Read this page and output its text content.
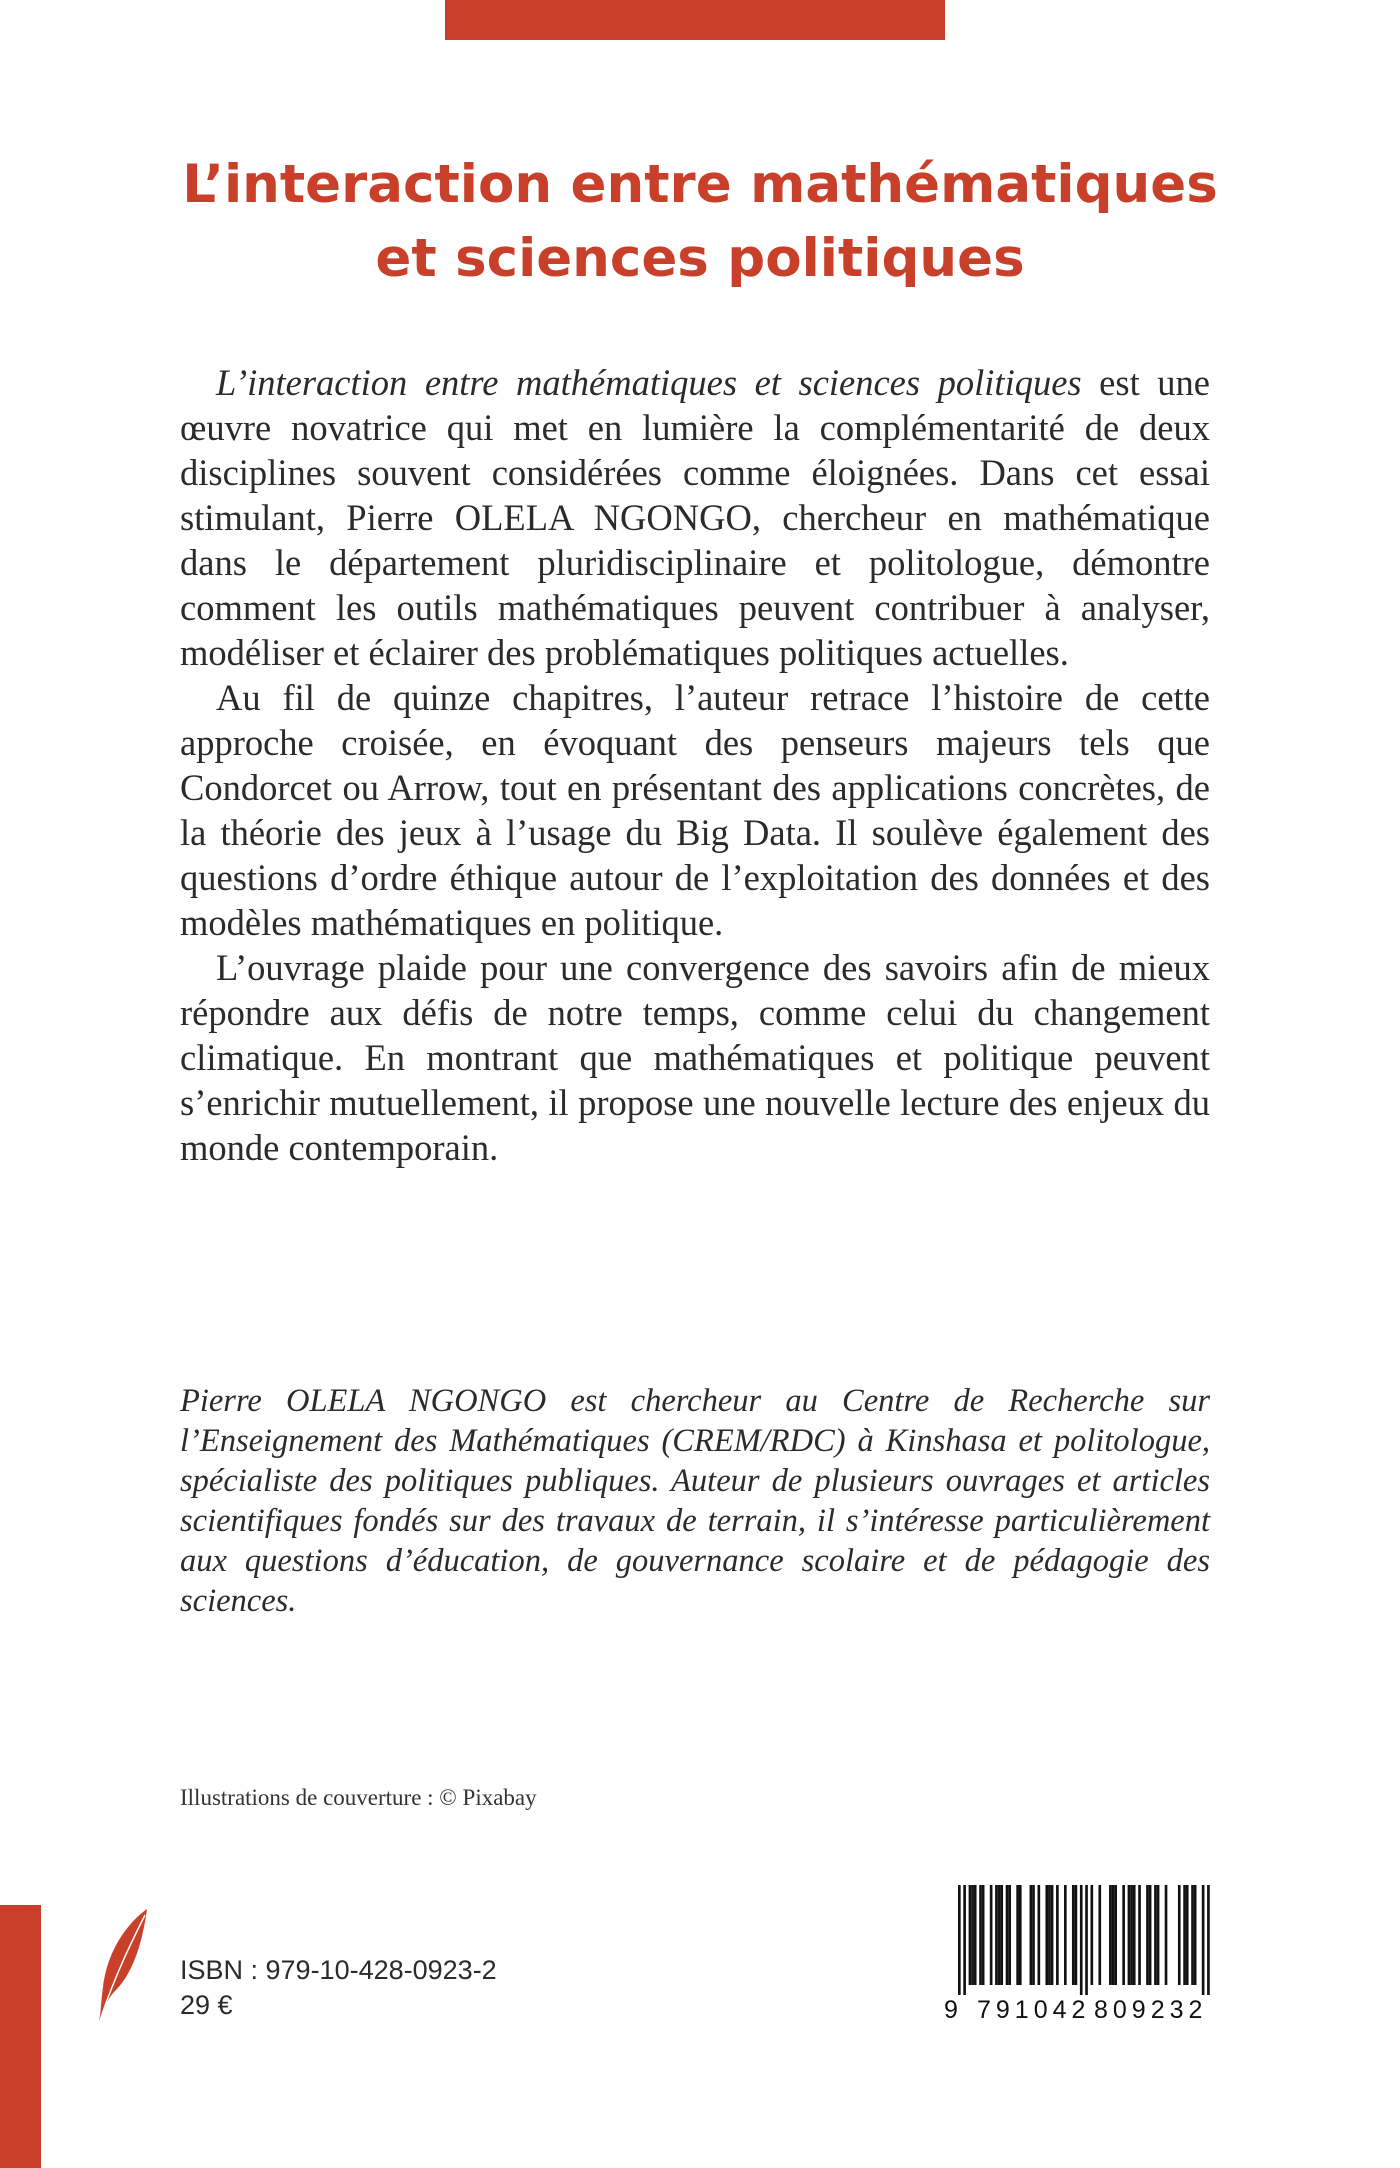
L’interaction entre mathématiques
et sciences politiques

L’interaction entre mathématiques et sciences politiques est une œuvre novatrice qui met en lumière la complémentarité de deux disciplines souvent considérées comme éloignées. Dans cet essai stimulant, Pierre OLELA NGONGO, chercheur en mathématique dans le département pluridisciplinaire et politologue, démontre comment les outils mathématiques peuvent contribuer à analyser, modéliser et éclairer des problématiques politiques actuelles.

Au fil de quinze chapitres, l’auteur retrace l’histoire de cette approche croisée, en évoquant des penseurs majeurs tels que Condorcet ou Arrow, tout en présentant des applications concrètes, de la théorie des jeux à l’usage du Big Data. Il soulève également des questions d’ordre éthique autour de l’exploitation des données et des modèles mathématiques en politique.

L’ouvrage plaide pour une convergence des savoirs afin de mieux répondre aux défis de notre temps, comme celui du changement climatique. En montrant que mathématiques et politique peuvent s’enrichir mutuellement, il propose une nouvelle lecture des enjeux du monde contemporain.

Pierre OLELA NGONGO est chercheur au Centre de Recherche sur l’Enseignement des Mathématiques (CREM/RDC) à Kinshasa et politologue, spécialiste des politiques publiques. Auteur de plusieurs ouvrages et articles scientifiques fondés sur des travaux de terrain, il s’intéresse particulièrement aux questions d’éducation, de gouvernance scolaire et de pédagogie des sciences.

Illustrations de couverture : © Pixabay

ISBN : 979-10-428-0923-2

29 €	9 791042 809232
